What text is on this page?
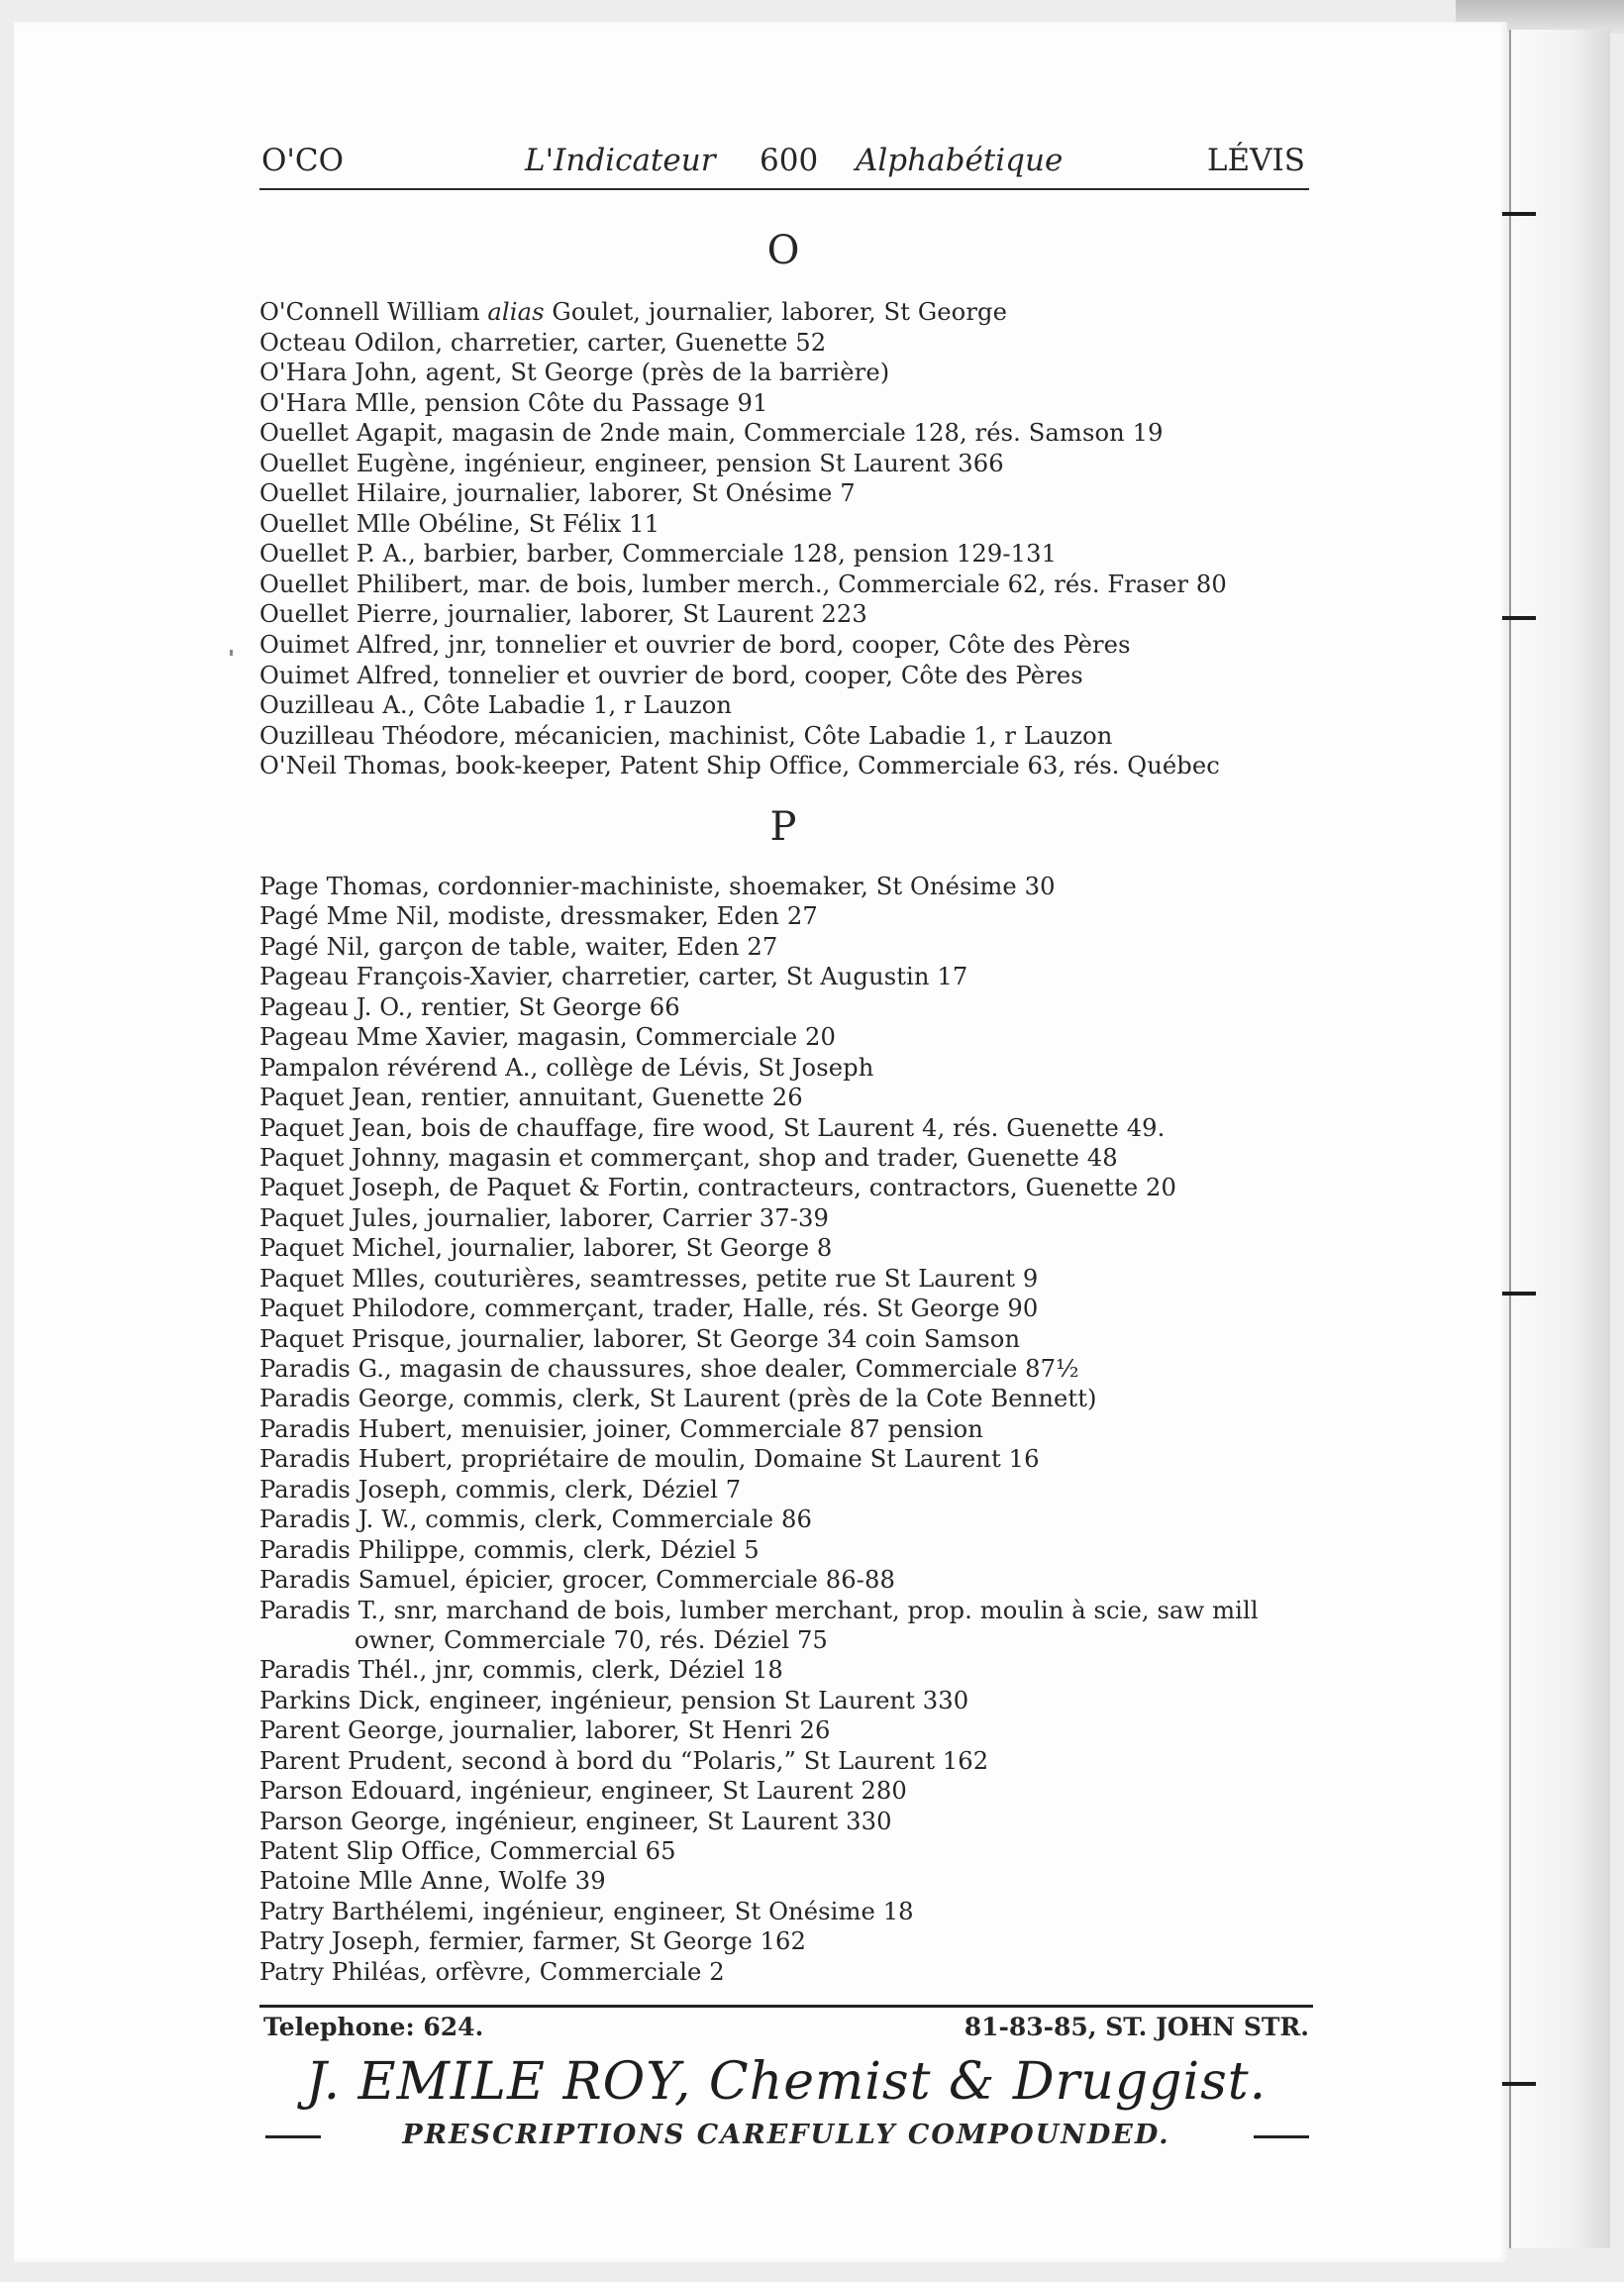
O'CO	L'Indicateur 600 Alphabétique	LÉVIS
O
O'Connell William alias Goulet, journalier, laborer, St George
Octeau Odilon, charretier, carter, Guenette 52
O'Hara John, agent, St George (près de la barrière)
O'Hara Mlle, pension Côte du Passage 91
Ouellet Agapit, magasin de 2nde main, Commerciale 128, rés. Samson 19
Ouellet Eugène, ingénieur, engineer, pension St Laurent 366
Ouellet Hilaire, journalier, laborer, St Onésime 7
Ouellet Mlle Obéline, St Félix 11
Ouellet P. A., barbier, barber, Commerciale 128, pension 129-131
Ouellet Philibert, mar. de bois, lumber merch., Commerciale 62, rés. Fraser 80
Ouellet Pierre, journalier, laborer, St Laurent 223
Ouimet Alfred, jnr, tonnelier et ouvrier de bord, cooper, Côte des Pères
Ouimet Alfred, tonnelier et ouvrier de bord, cooper, Côte des Pères
Ouzilleau A., Côte Labadie 1, r Lauzon
Ouzilleau Théodore, mécanicien, machinist, Côte Labadie 1, r Lauzon
O'Neil Thomas, book-keeper, Patent Ship Office, Commerciale 63, rés. Québec
P
Page Thomas, cordonnier-machiniste, shoemaker, St Onésime 30
Pagé Mme Nil, modiste, dressmaker, Eden 27
Pagé Nil, garçon de table, waiter, Eden 27
Pageau François-Xavier, charretier, carter, St Augustin 17
Pageau J. O., rentier, St George 66
Pageau Mme Xavier, magasin, Commerciale 20
Pampalon révérend A., collège de Lévis, St Joseph
Paquet Jean, rentier, annuitant, Guenette 26
Paquet Jean, bois de chauffage, fire wood, St Laurent 4, rés. Guenette 49.
Paquet Johnny, magasin et commerçant, shop and trader, Guenette 48
Paquet Joseph, de Paquet & Fortin, contracteurs, contractors, Guenette 20
Paquet Jules, journalier, laborer, Carrier 37-39
Paquet Michel, journalier, laborer, St George 8
Paquet Mlles, couturières, seamtresses, petite rue St Laurent 9
Paquet Philodore, commerçant, trader, Halle, rés. St George 90
Paquet Prisque, journalier, laborer, St George 34 coin Samson
Paradis G., magasin de chaussures, shoe dealer, Commerciale 87½
Paradis George, commis, clerk, St Laurent (près de la Cote Bennett)
Paradis Hubert, menuisier, joiner, Commerciale 87 pension
Paradis Hubert, propriétaire de moulin, Domaine St Laurent 16
Paradis Joseph, commis, clerk, Déziel 7
Paradis J. W., commis, clerk, Commerciale 86
Paradis Philippe, commis, clerk, Déziel 5
Paradis Samuel, épicier, grocer, Commerciale 86-88
Paradis T., snr, marchand de bois, lumber merchant, prop. moulin à scie, saw mill owner, Commerciale 70, rés. Déziel 75
Paradis Thél., jnr, commis, clerk, Déziel 18
Parkins Dick, engineer, ingénieur, pension St Laurent 330
Parent George, journalier, laborer, St Henri 26
Parent Prudent, second à bord du “Polaris,” St Laurent 162
Parson Edouard, ingénieur, engineer, St Laurent 280
Parson George, ingénieur, engineer, St Laurent 330
Patent Slip Office, Commercial 65
Patoine Mlle Anne, Wolfe 39
Patry Barthélemi, ingénieur, engineer, St Onésime 18
Patry Joseph, fermier, farmer, St George 162
Patry Philéas, orfèvre, Commerciale 2
Telephone: 624.	81-83-85, ST. JOHN STR.
J. EMILE ROY, Chemist & Druggist.
PRESCRIPTIONS CAREFULLY COMPOUNDED.
